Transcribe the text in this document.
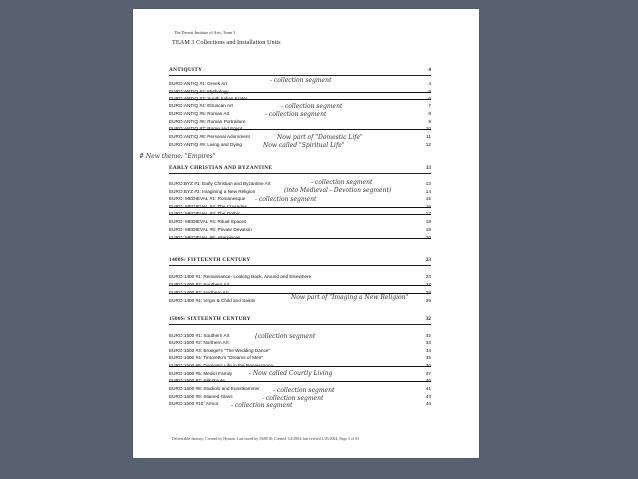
The Detroit Institute of Arts; Team 3
TEAM 3 Collections and Installation Units
ANTIQUITY	4
EURO:ANTIQ #1: Greek Art	4
EURO:ANTIQ #2: Mythology	5
EURO:ANTIQ #3: South Italian Krater	6
EURO:ANTIQ #4: Etruscan Art	7
EURO:ANTIQ #5: Roman Art	8
EURO:ANTIQ #6: Roman Portraiture	9
EURO:ANTIQ #7: Rome and Egypt	10
EURO:ANTIQ #8: Personal Adornment	11
EURO:ANTIQ #9: Living and Dying	12
EARLY CHRISTIAN AND BYZANTINE	13
EURO:BYZ #1: Early Christian and Byzantine Art	13
EURO:BYZ #2: Imagining a New Religion	14
EURO: MEDIEVAL #1: Romanesque	15
EURO: MEDIEVAL #2: The Crusades	16
EURO: MEDIEVAL #3: The Gothic	17
EURO: MEDIEVAL #4: Ritual Spaces	18
EURO: MEDIEVAL #5: Private Devotion	19
EURO: MEDIEVAL #6: Altarpieces	20
1400S/ FIFTEENTH CENTURY	23
EURO:1400 #1: Renaissance- Looking Back, Around and Elsewhere	23
EURO:1400 #2: Southern Art	27
EURO:1400 #3: Northern Art	28
EURO:1400 #4: Virgin & Child and Saints	29
1500S/ SIXTEENTH CENTURY	32
EURO:1500 #1: Southern Art	32
EURO:1500 #2: Northern Art	33
EURO:1500 #3: Bruegel's "The Wedding Dance"	34
EURO:1500 #4: Tintoretto's "Dreams of Men"	35
EURO:1500 #5: Domestic Life in the Renaissance	36
EURO:1500 #6: Medici Family	37
EURO:1500 #7: Silk Route	40
EURO:1500 #8: Studiolo and Kunstkammer	41
EURO:1500 #9: Stained Glass	43
EURO:1500 #10: Armor	44
- collection segment
- collection segment
- collection segment
Now part of "Domestic Life"
Now called "Spiritual Life"
# New theme: "Empires"
- collection segment
(into Medieval - Devotion segment)
- collection segment
Now part of "Imaging a New Religion"
{collection segment
- Now called Courtly Living
- collection segment
- collection segment
- collection segment
Deliverable January; Created by Hyman; Last saved by JARVIS; Created 1/4/2004; last revised 1/25/2004; Page 3 of 93
